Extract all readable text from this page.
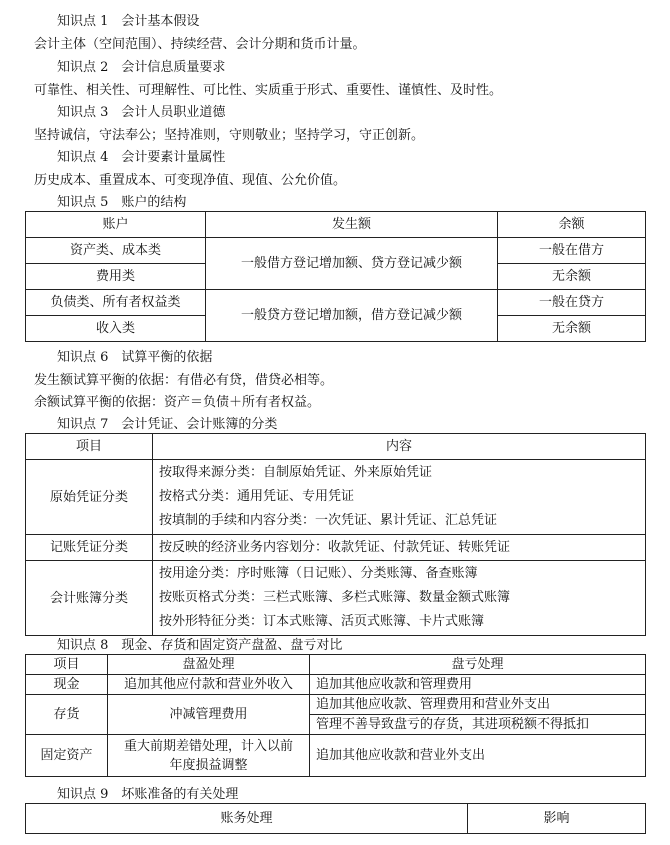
知识点 1　会计基本假设
会计主体（空间范围）、持续经营、会计分期和货币计量。
知识点 2　会计信息质量要求
可靠性、相关性、可理解性、可比性、实质重于形式、重要性、谨慎性、及时性。
知识点 3　会计人员职业道德
坚持诚信，守法奉公；坚持准则，守则敬业；坚持学习，守正创新。
知识点 4　会计要素计量属性
历史成本、重置成本、可变现净值、现值、公允价值。
知识点 5　账户的结构
账户	发生额	余额
资产类、成本类	一般借方登记增加额、贷方登记减少额	一般在借方
费用类		无余额
负债类、所有者权益类	一般贷方登记增加额，借方登记减少额	一般在贷方
收入类		无余额
知识点 6　试算平衡的依据
发生额试算平衡的依据：有借必有贷，借贷必相等。
余额试算平衡的依据：资产＝负债＋所有者权益。
知识点 7　会计凭证、会计账簿的分类
项目	内容
原始凭证分类	按取得来源分类：自制原始凭证、外来原始凭证
按格式分类：通用凭证、专用凭证
按填制的手续和内容分类：一次凭证、累计凭证、汇总凭证

记账凭证分类	按反映的经济业务内容划分：收款凭证、付款凭证、转账凭证
会计账簿分类	按用途分类：序时账簿（日记账）、分类账簿、备查账簿
按账页格式分类：三栏式账簿、多栏式账簿、数量金额式账簿
按外形特征分类：订本式账簿、活页式账簿、卡片式账簿
知识点 8　现金、存货和固定资产盘盈、盘亏对比
项目	盘盈处理	盘亏处理
现金	追加其他应付款和营业外收入	追加其他应收款和管理费用
存货	冲减管理费用	追加其他应收款、管理费用和营业外支出
		管理不善导致盘亏的存货，其进项税额不得抵扣
固定资产	重大前期差错处理，计入以前年度损益调整	追加其他应收款和营业外支出
知识点 9　坏账准备的有关处理
账务处理	影响
